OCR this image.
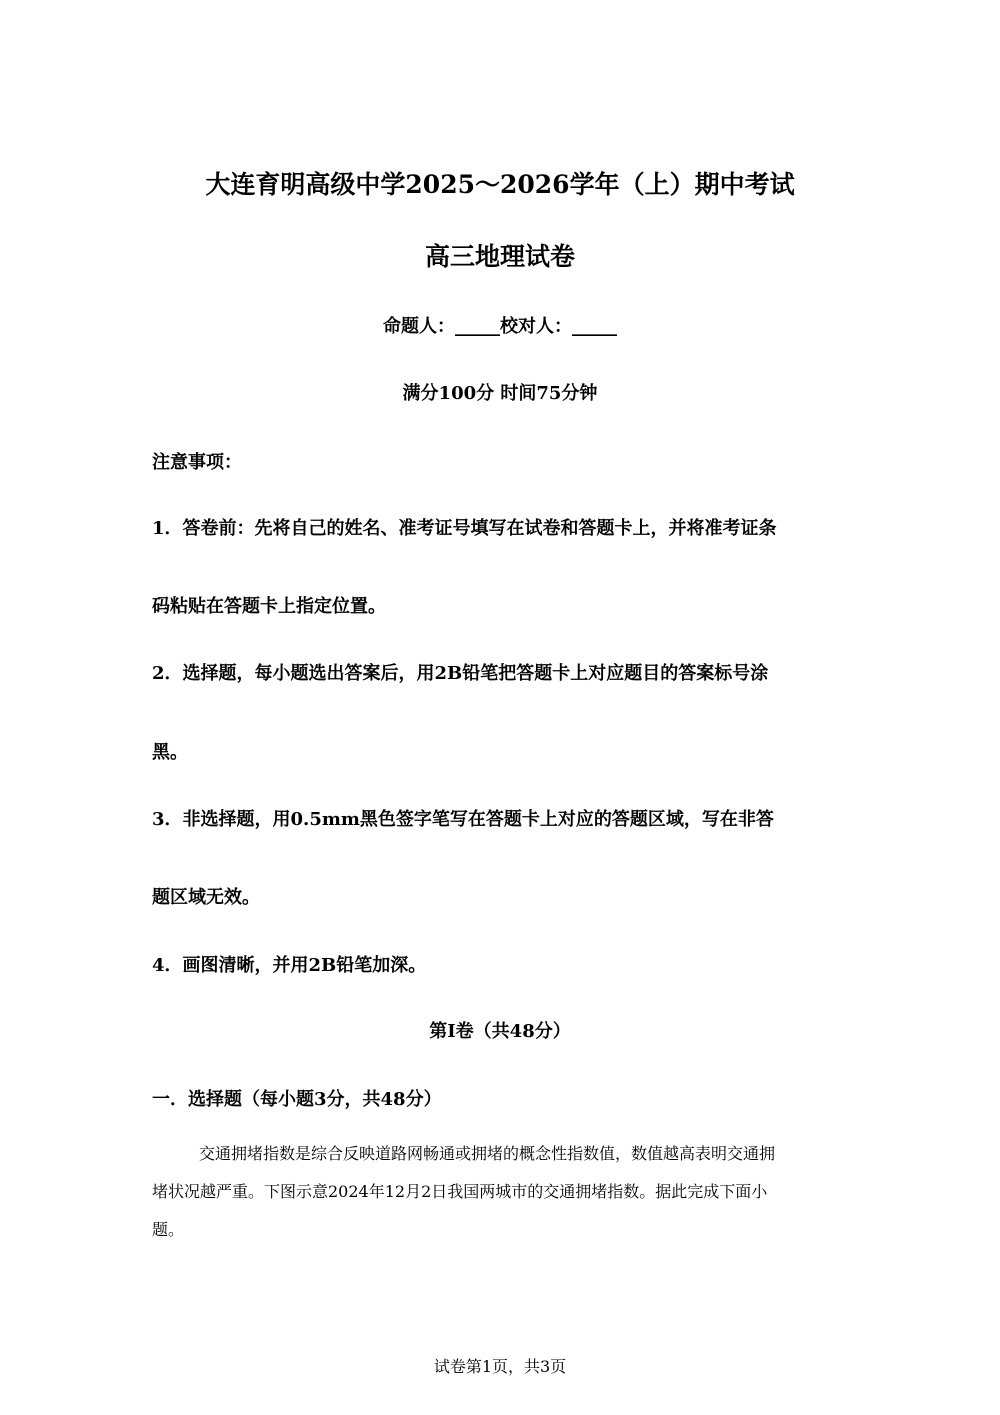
大连育明高级中学2025～2026学年（上）期中考试
高三地理试卷
命题人：_____校对人：_____
满分100分 时间75分钟
注意事项：
1．答卷前：先将自己的姓名、准考证号填写在试卷和答题卡上，并将准考证条
码粘贴在答题卡上指定位置。
2．选择题，每小题选出答案后，用2B铅笔把答题卡上对应题目的答案标号涂
黑。
3．非选择题，用0.5mm黑色签字笔写在答题卡上对应的答题区域，写在非答
题区域无效。
4．画图清晰，并用2B铅笔加深。
第Ⅰ卷（共48分）
一．选择题（每小题3分，共48分）
交通拥堵指数是综合反映道路网畅通或拥堵的概念性指数值，数值越高表明交通拥
堵状况越严重。下图示意2024年12月2日我国两城市的交通拥堵指数。据此完成下面小
题。
试卷第1页，共3页
